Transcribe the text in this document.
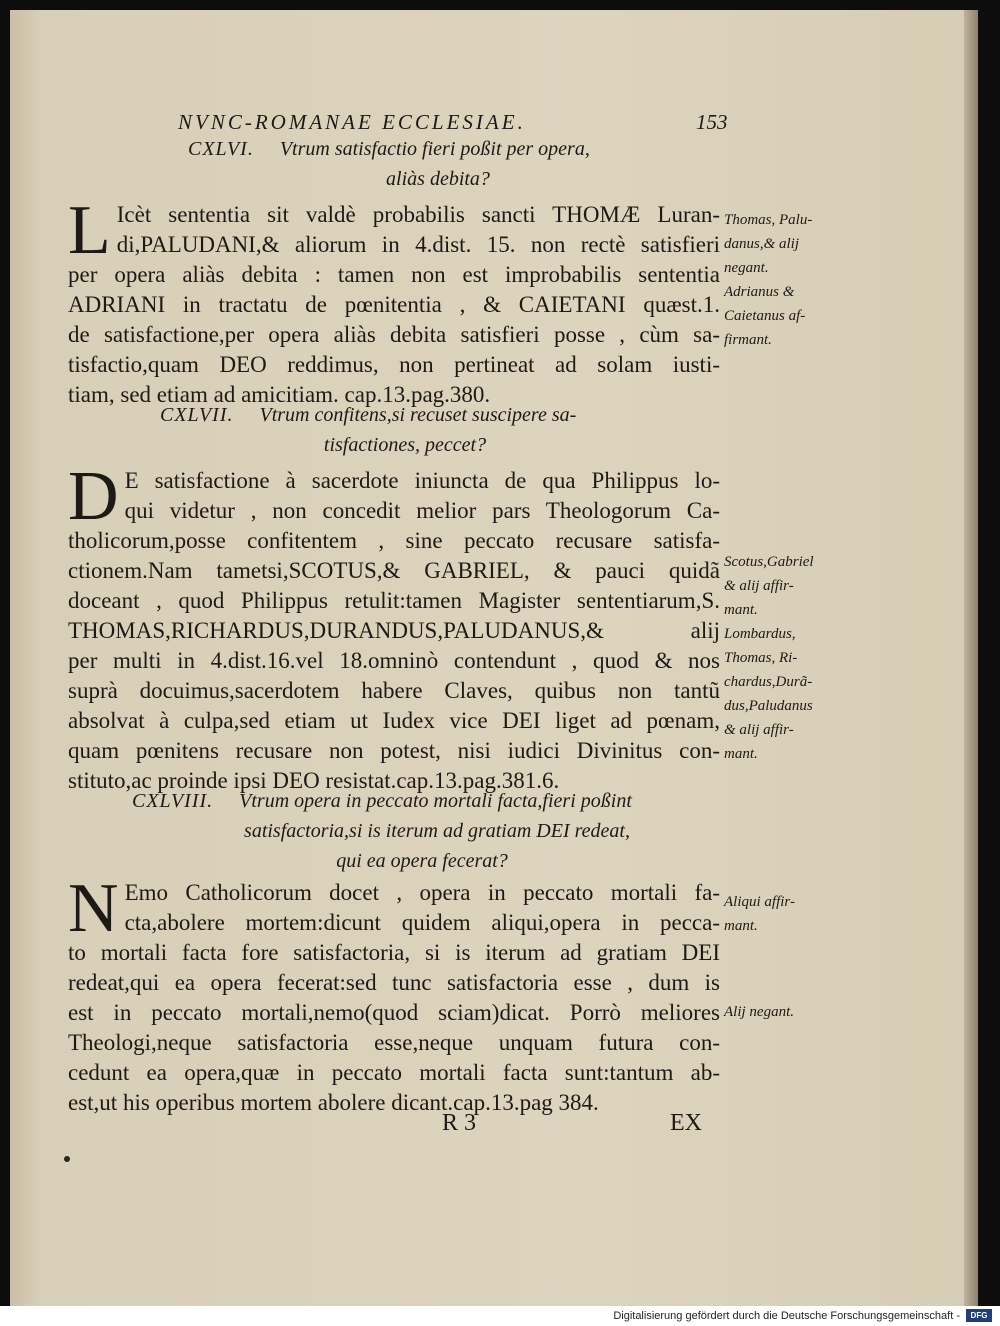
NVNC-ROMANAE ECCLESIAE.	153
CXLVI. Vtrum satisfactio fieri poßit per opera,
aliàs debita?
L Icèt sententia sit valdè probabilis sancti THOMÆ Luran-
di,PALUDANI,& aliorum in 4.dist. 15. non rectè satisfieri
per opera aliàs debita : tamen non est improbabilis sententia
ADRIANI in tractatu de pœnitentia , & CAIETANI quæst.1.
de satisfactione,per opera aliàs debita satisfieri posse , cùm sa-
tisfactio,quam DEO reddimus, non pertineat ad solam iusti-
tiam, sed etiam ad amicitiam. cap.13.pag.380.
Thomas, Palu-
danus,& alij
negant.
Adrianus &
Caietanus af-
firmant.
CXLVII. Vtrum confitens,si recuset suscipere sa-
tisfactiones, peccet?
D E satisfactione à sacerdote iniuncta de qua Philippus lo-
qui videtur , non concedit melior pars Theologorum Ca-
tholicorum,posse confitentem , sine peccato recusare satisfa-
ctionem.Nam tametsi,SCOTUS,& GABRIEL, & pauci quidã
doceant , quod Philippus retulit:tamen Magister sententiarum,S.
THOMAS,RICHARDUS,DURANDUS,PALUDANUS,& alij
per multi in 4.dist.16.vel 18.omninò contendunt , quod & nos
suprà docuimus,sacerdotem habere Claves, quibus non tantũ
absolvat à culpa,sed etiam ut Iudex vice DEI liget ad pœnam,
quam pœnitens recusare non potest, nisi iudici Divinitus con-
stituto,ac proinde ipsi DEO resistat.cap.13.pag.381.6.
Scotus,Gabriel
& alij affir-
mant.
Lombardus,
Thomas, Ri-
chardus,Durã-
dus,Paludanus
& alij affir-
mant.
CXLVIII. Vtrum opera in peccato mortali facta,fieri poßint
satisfactoria,si is iterum ad gratiam DEI redeat,
qui ea opera fecerat?
N Emo Catholicorum docet , opera in peccato mortali fa-
cta,abolere mortem:dicunt quidem aliqui,opera in pecca-
to mortali facta fore satisfactoria, si is iterum ad gratiam DEI
redeat,qui ea opera fecerat:sed tunc satisfactoria esse , dum is
est in peccato mortali,nemo(quod sciam)dicat. Porrò meliores
Theologi,neque satisfactoria esse,neque unquam futura con-
cedunt ea opera,quæ in peccato mortali facta sunt:tantum ab-
est,ut his operibus mortem abolere dicant.cap.13.pag 384.
Aliqui affir-
mant.
Alij negant.
R 3	EX
Digitalisierung gefördert durch die Deutsche Forschungsgemeinschaft -	DFG
